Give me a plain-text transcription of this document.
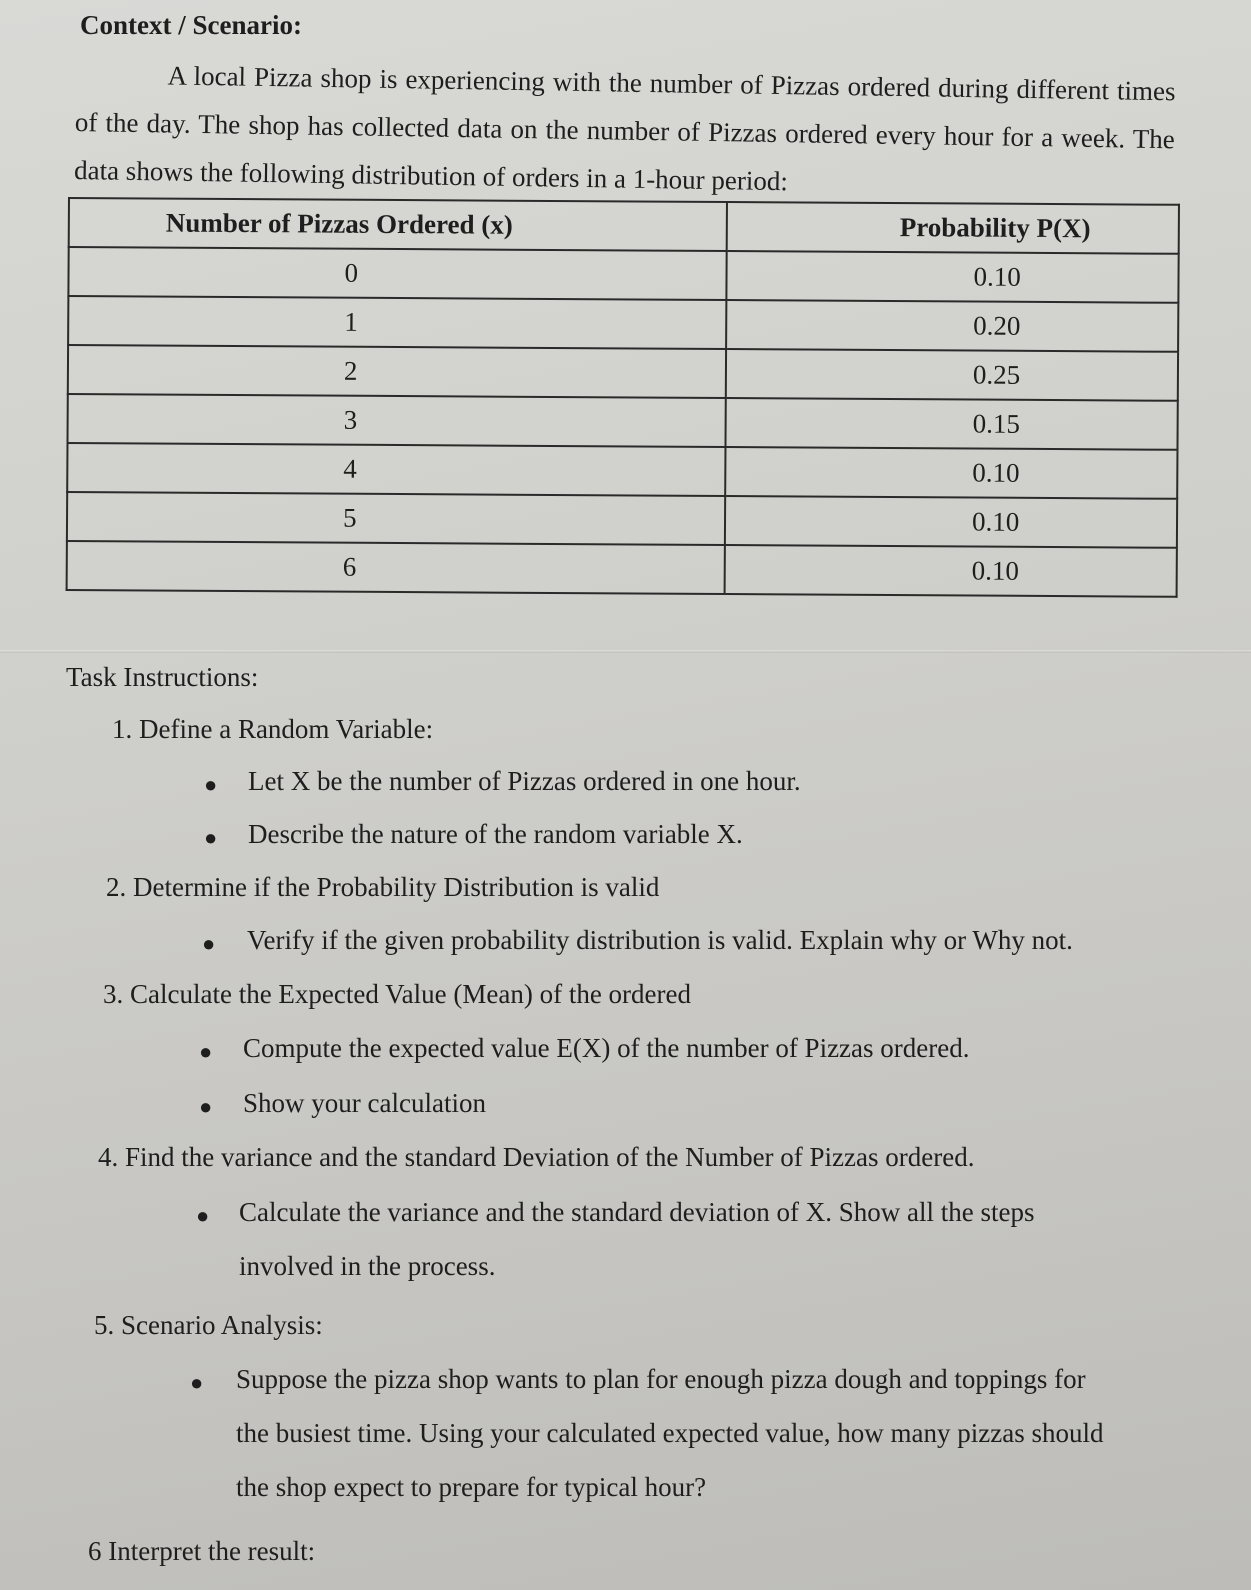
Context / Scenario:

A local Pizza shop is experiencing with the number of Pizzas ordered during different times of the day. The shop has collected data on the number of Pizzas ordered every hour for a week. The data shows the following distribution of orders in a 1-hour period:

Number of Pizzas Ordered (x)	Probability P(X)
0	0.10
1	0.20
2	0.25
3	0.15
4	0.10
5	0.10
6	0.10

Task Instructions:

1. Define a Random Variable:

● Let X be the number of Pizzas ordered in one hour.

● Describe the nature of the random variable X.

2. Determine if the Probability Distribution is valid

● Verify if the given probability distribution is valid. Explain why or Why not.

3. Calculate the Expected Value (Mean) of the ordered

● Compute the expected value E(X) of the number of Pizzas ordered.

● Show your calculation

4. Find the variance and the standard Deviation of the Number of Pizzas ordered.

● Calculate the variance and the standard deviation of X. Show all the steps

involved in the process.

5. Scenario Analysis:

● Suppose the pizza shop wants to plan for enough pizza dough and toppings for

the busiest time. Using your calculated expected value, how many pizzas should

the shop expect to prepare for typical hour?

6 Interpret the result:
